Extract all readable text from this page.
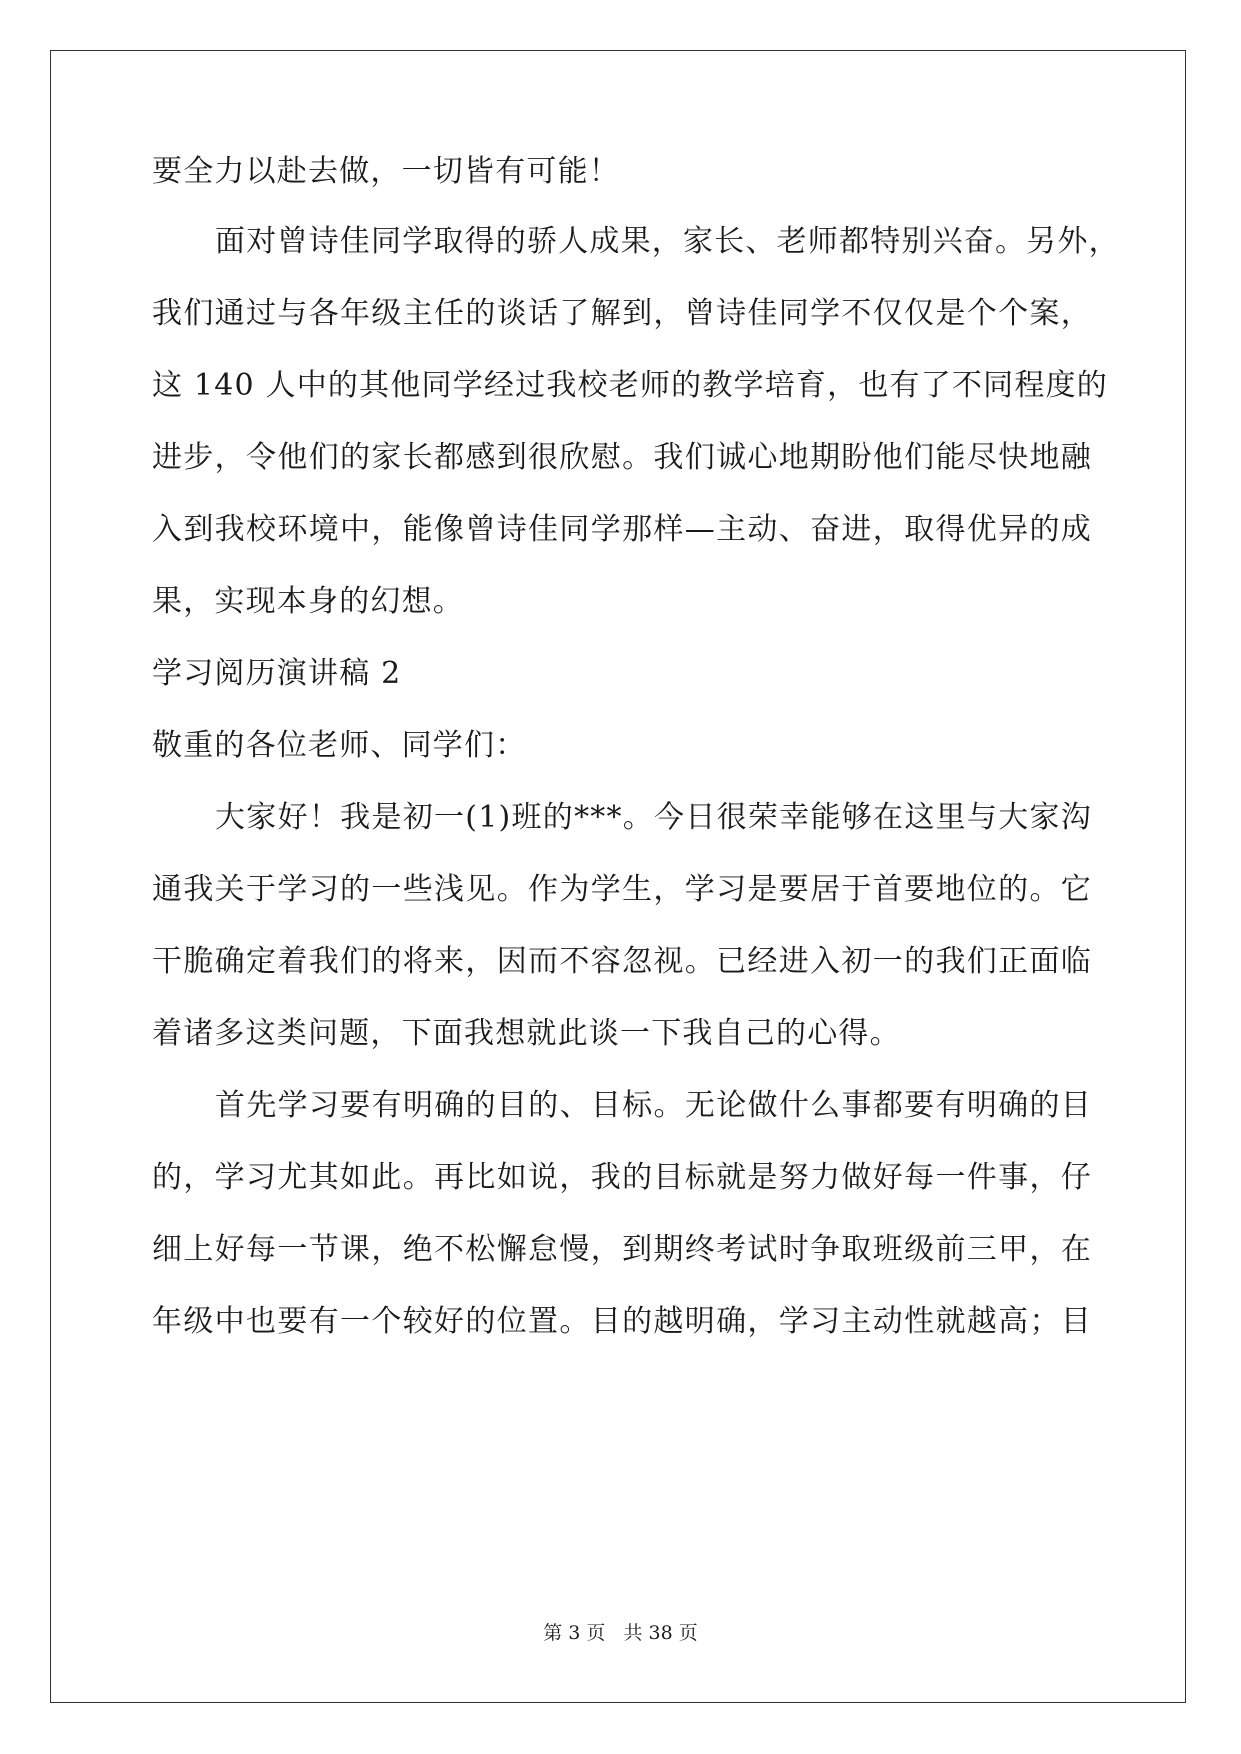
要全力以赴去做，一切皆有可能！
面对曾诗佳同学取得的骄人成果，家长、老师都特别兴奋。另外，
我们通过与各年级主任的谈话了解到，曾诗佳同学不仅仅是个个案，
这 140 人中的其他同学经过我校老师的教学培育，也有了不同程度的
进步，令他们的家长都感到很欣慰。我们诚心地期盼他们能尽快地融
入到我校环境中，能像曾诗佳同学那样—主动、奋进，取得优异的成
果，实现本身的幻想。
学习阅历演讲稿 2
敬重的各位老师、同学们：
大家好！我是初一(1)班的***。今日很荣幸能够在这里与大家沟
通我关于学习的一些浅见。作为学生，学习是要居于首要地位的。它
干脆确定着我们的将来，因而不容忽视。已经进入初一的我们正面临
着诸多这类问题，下面我想就此谈一下我自己的心得。
首先学习要有明确的目的、目标。无论做什么事都要有明确的目
的，学习尤其如此。再比如说，我的目标就是努力做好每一件事，仔
细上好每一节课，绝不松懈怠慢，到期终考试时争取班级前三甲，在
年级中也要有一个较好的位置。目的越明确，学习主动性就越高；目
第 3 页 共 38 页
